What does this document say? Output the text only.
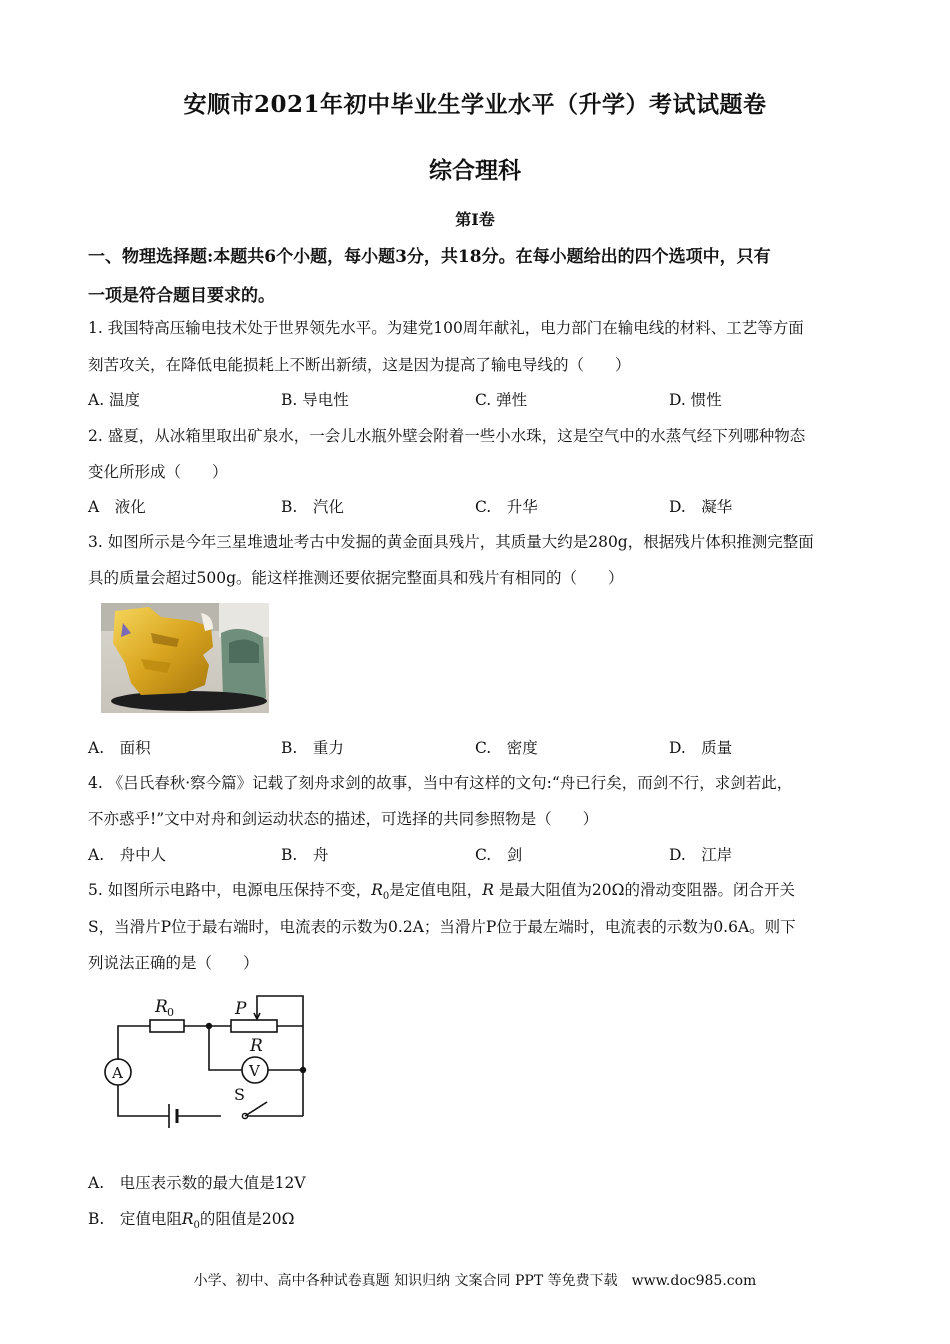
安顺市2021年初中毕业生学业水平（升学）考试试题卷
综合理科
第I卷
一、物理选择题:本题共6个小题，每小题3分，共18分。在每小题给出的四个选项中，只有
一项是符合题目要求的。
1. 我国特高压输电技术处于世界领先水平。为建党100周年献礼，电力部门在输电线的材料、工艺等方面
刻苦攻关，在降低电能损耗上不断出新绩，这是因为提高了输电导线的（　　）
A. 温度	B. 导电性	C. 弹性	D. 惯性
2. 盛夏，从冰箱里取出矿泉水，一会儿水瓶外壁会附着一些小水珠，这是空气中的水蒸气经下列哪种物态
变化所形成（　　）
A　液化	B.　汽化	C.　升华	D.　凝华
3. 如图所示是今年三星堆遗址考古中发掘的黄金面具残片，其质量大约是280g，根据残片体积推测完整面
具的质量会超过500g。能这样推测还要依据完整面具和残片有相同的（　　）
A.　面积	B.　重力	C.　密度	D.　质量
4. 《吕氏春秋·察今篇》记载了刻舟求剑的故事，当中有这样的文句:“舟已行矣，而剑不行，求剑若此，
不亦惑乎!”文中对舟和剑运动状态的描述，可选择的共同参照物是（　　）
A.　舟中人	B.　舟	C.　剑	D.　江岸
5. 如图所示电路中，电源电压保持不变，$R_0$是定值电阻，R 是最大阻值为20Ω的滑动变阻器。闭合开关
S，当滑片P位于最右端时，电流表的示数为0.2A；当滑片P位于最左端时，电流表的示数为0.6A。则下
列说法正确的是（　　）
R 0	P
R
V
A
S
A.　电压表示数的最大值是12V
B.　定值电阻$R_0$的阻值是20Ω
小学、初中、高中各种试卷真题 知识归纳 文案合同 PPT 等免费下载　www.doc985.com
